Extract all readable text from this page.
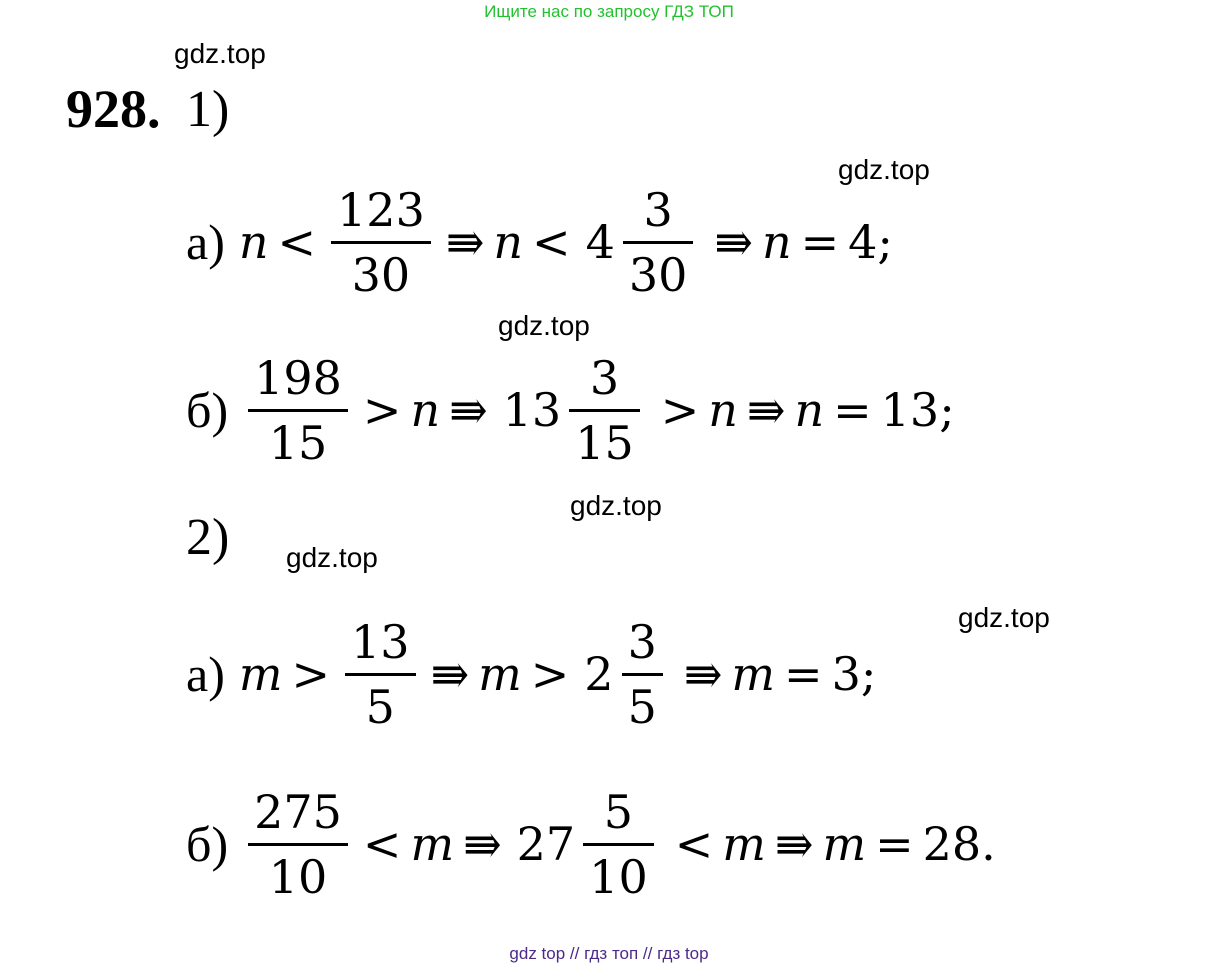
Ищите нас по запросу ГДЗ ТОП
gdz.top
gdz.top
gdz.top
gdz.top
gdz.top
gdz.top
928. 1)
а) $n < \frac{123}{30}$ ⇛ $n < 4 \frac{3}{30}$ ⇛ n = 4;
$б) \frac{198}{15} > n$ ⇛ $13 \frac{3}{15} > n$ ⇛ n = 13;
2)
а) $m > \frac{13}{5}$ ⇛ $m > 2 \frac{3}{5}$ ⇛ m = 3;
$б) \frac{275}{10} < m$ ⇛ $27 \frac{5}{10} < m$ ⇛ m = 28.
gdz top // гдз топ // гдз top
